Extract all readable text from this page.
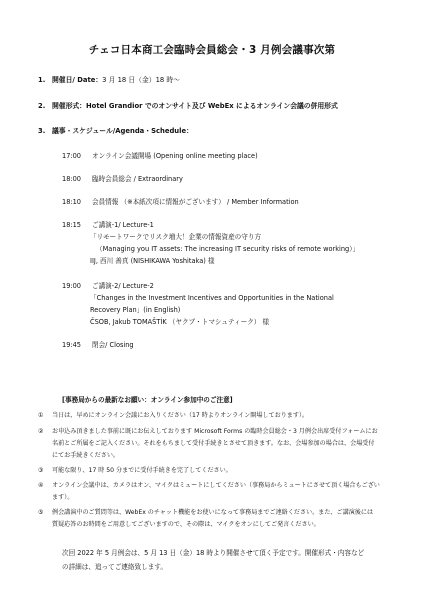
チェコ日本商工会臨時会員総会・3 月例会議事次第
1. 開催日/ Date：3 月 18 日（金）18 時～
2. 開催形式：Hotel Grandior でのオンサイト及び WebEx によるオンライン会議の併用形式
3. 議事・スケジュール/Agenda・Schedule：
17:00 オンライン会議開場 (Opening online meeting place)
18:00 臨時会員総会 / Extraordinary
18:10 会員情報 （※本紙次項に情報がございます） / Member Information
18:15 ご講演-1/ Lecture-1
「リモートワークでリスク増大！企業の情報資産の守り方
（Managing you IT assets: The increasing IT security risks of remote working）」
IIJ, 西川 善真 (NISHIKAWA Yoshitaka) 様
19:00 ご講演-2/ Lecture-2
「Changes in the Investment Incentives and Opportunities in the National
Recovery Plan」(in English)
ČSOB, Jakub TOMAŠTÍK （ヤクブ・トマシュティーク） 様
19:45 閉会/ Closing
[事務局からの最新なお願い：オンライン参加中のご注意]
① 当日は、早めにオンライン会議にお入りください（17 時よりオンライン開場しております）。
② お申込み頂きました事前に既にお伝えしております Microsoft Forms の臨時会員総会・3 月例会出席受付フォームにお
名前とご所属をご記入ください。それをもちまして受付手続きとさせて頂きます。なお、会場参加の場合は、会場受付
にてお手続きください。
③ 可能な限り、17 時 50 分までに受付手続きを完了してください。
④ オンライン会議中は、カメラはオン、マイクはミュートにしてください（事務局からミュートにさせて頂く場合もござい
ます）。
⑤ 例会講演中のご質問等は、WebEx のチャット機能をお使いになって事務局までご連絡ください。また、ご講演後には
質疑応答のお時間をご用意してございますので、その際は、マイクをオンにしてご発言ください。
次回 2022 年 5 月例会は、5 月 13 日（金）18 時より開催させて頂く予定です。開催形式・内容など
の詳細は、追ってご連絡致します。
